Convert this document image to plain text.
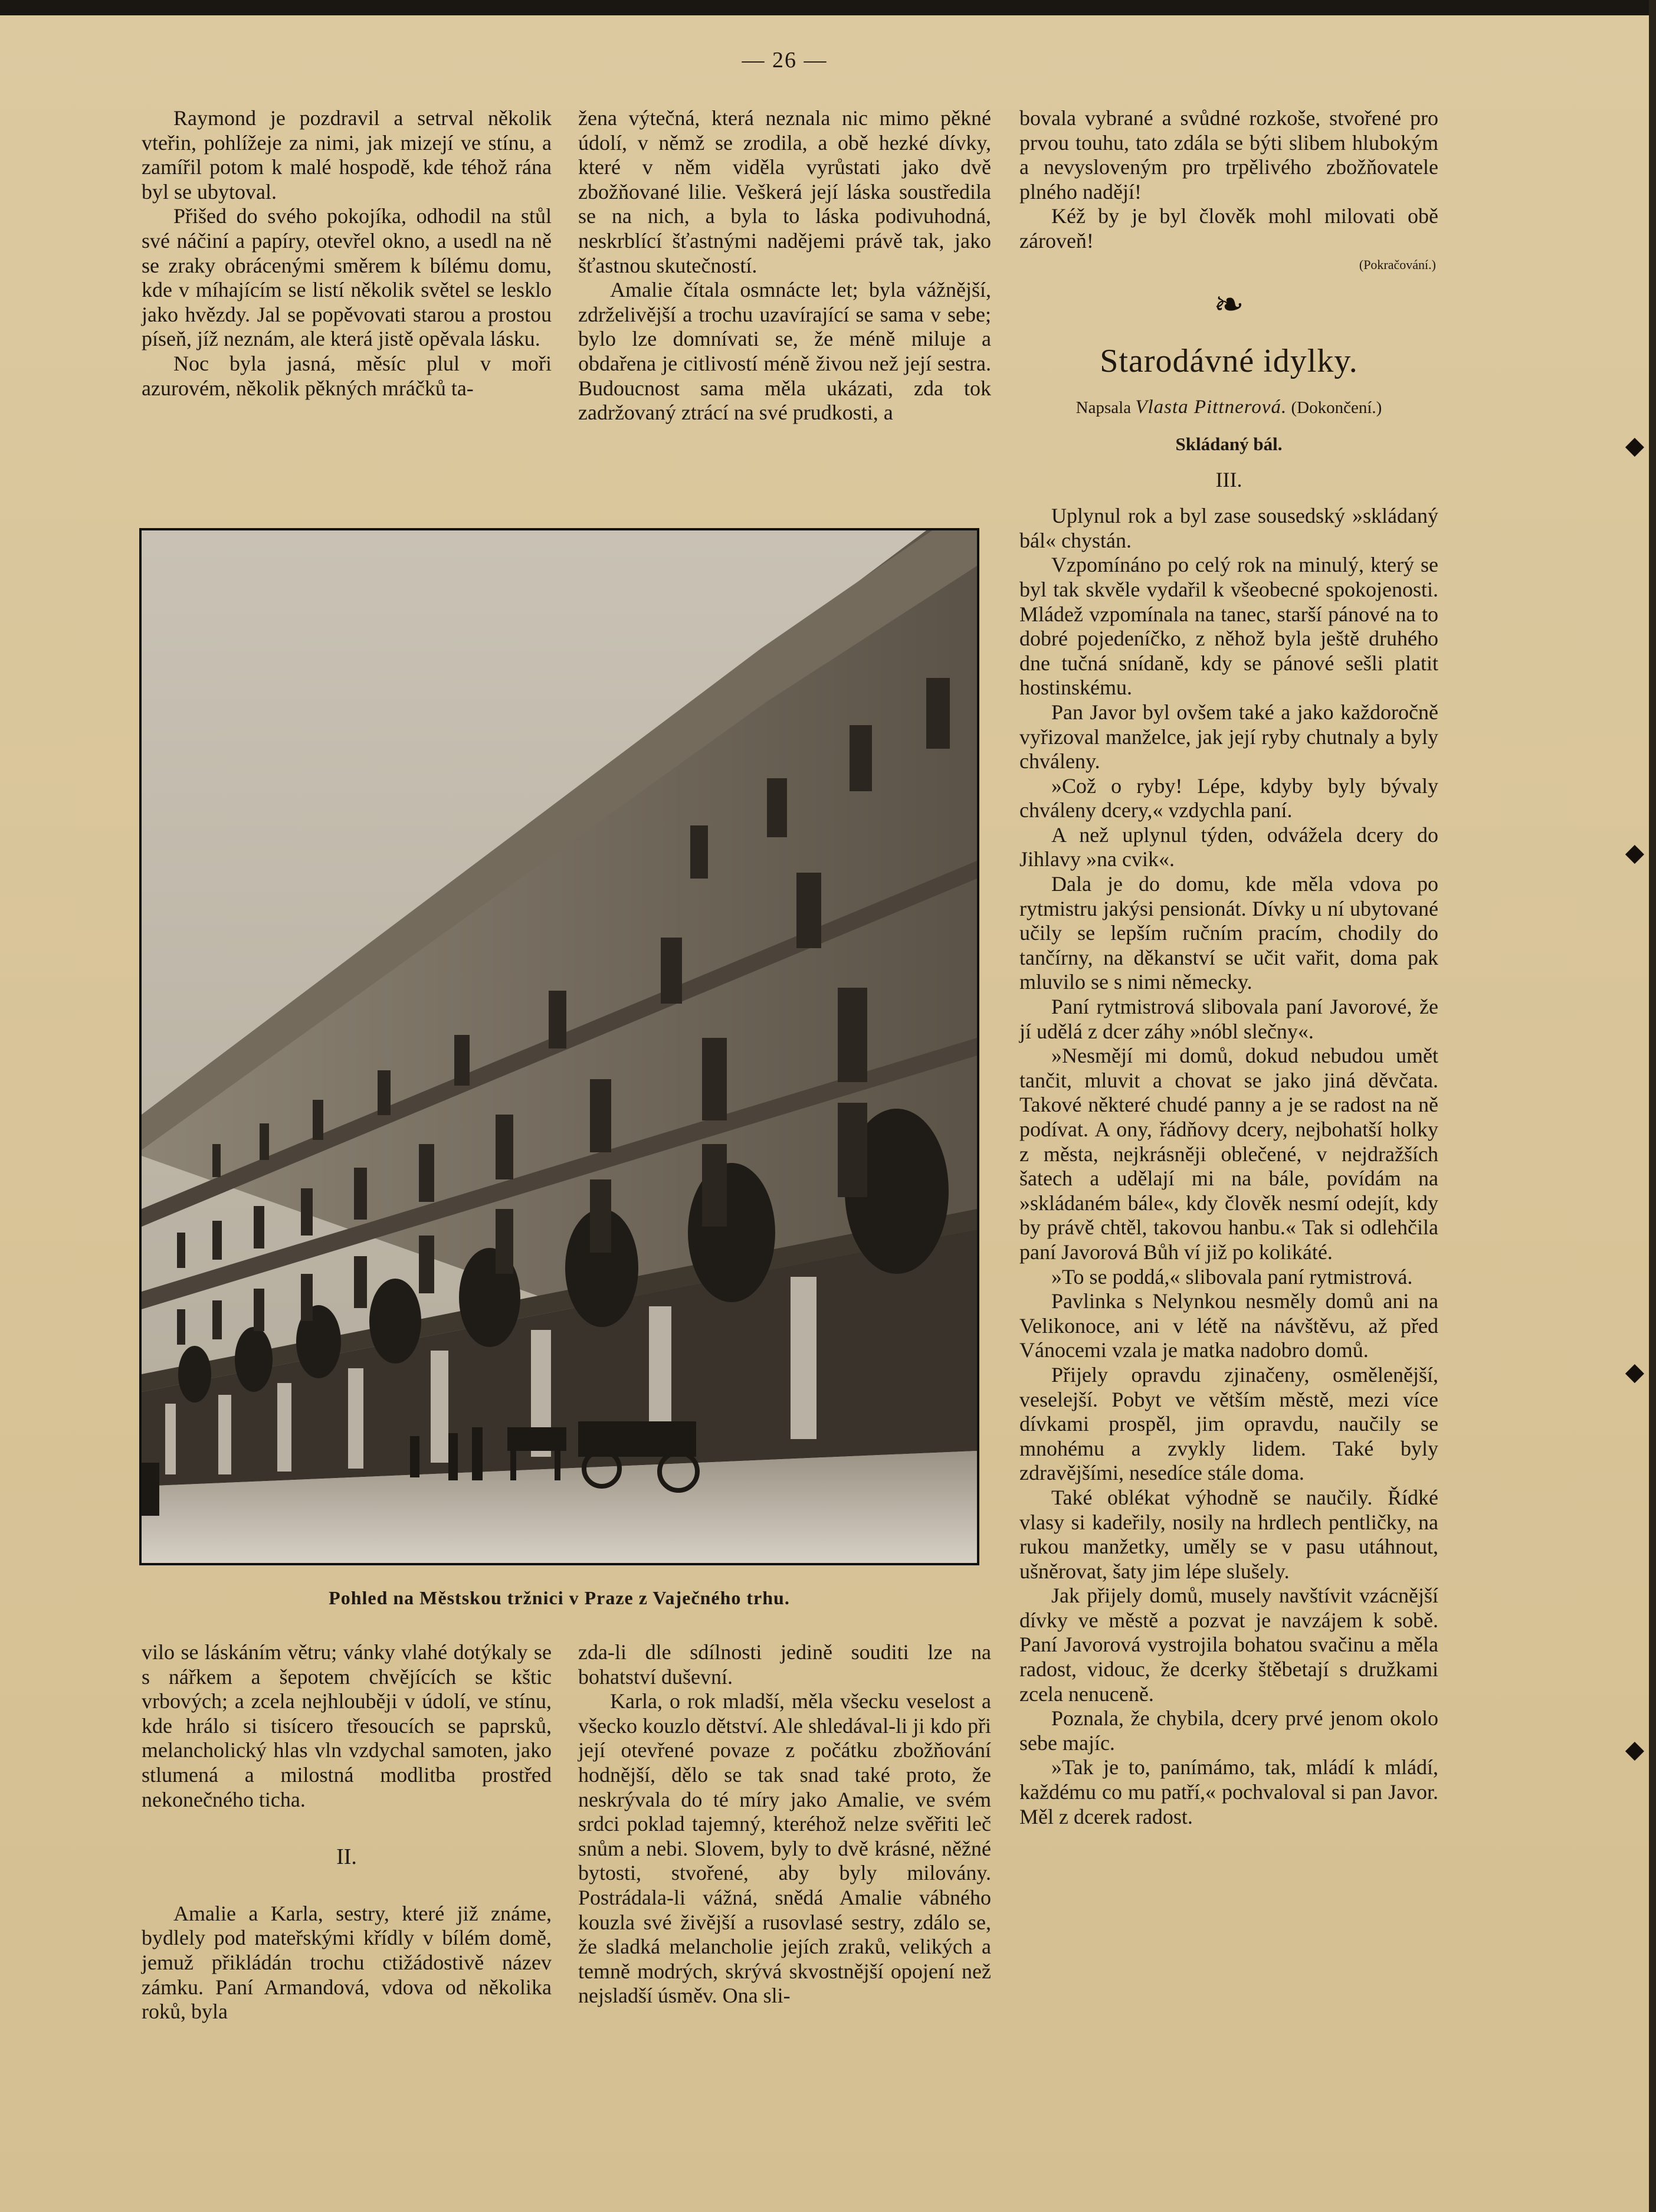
◆
◆
◆
◆
— 26 —

Raymond je pozdravil a setrval několik vteřin, pohlížeje za nimi, jak mizejí ve stínu, a zamířil potom k malé hospodě, kde téhož rána byl se ubytoval.

Přišed do svého pokojíka, odhodil na stůl své náčiní a papíry, otevřel okno, a usedl na ně se zraky obrácenými směrem k bílému domu, kde v míhajícím se listí několik světel se lesklo jako hvězdy. Jal se popěvovati starou a prostou píseň, jíž neznám, ale která jistě opěvala lásku.

Noc byla jasná, měsíc plul v moři azurovém, několik pěkných mráčků ta-

žena výtečná, která neznala nic mimo pěkné údolí, v němž se zrodila, a obě hezké dívky, které v něm viděla vyrůstati jako dvě zbožňované lilie. Veškerá její láska soustředila se na nich, a byla to láska podivuhodná, neskrblící šťastnými nadějemi právě tak, jako šťastnou skutečností.

Amalie čítala osmnácte let; byla vážnější, zdrželivější a trochu uzavírající se sama v sebe; bylo lze domnívati se, že méně miluje a obdařena je citlivostí méně živou než její sestra. Budoucnost sama měla ukázati, zda tok zadržovaný ztrácí na své prudkosti, a

bovala vybrané a svůdné rozkoše, stvořené pro prvou touhu, tato zdála se býti slibem hlubokým a nevysloveným pro trpělivého zbožňovatele plného nadějí!

Kéž by je byl člověk mohl milovati obě zároveň!

(Pokračování.)

❧

Starodávné idylky.

Napsala Vlasta Pittnerová. (Dokončení.)

Skládaný bál.

III.

Uplynul rok a byl zase sousedský »skládaný bál« chystán.

Vzpomínáno po celý rok na minulý, který se byl tak skvěle vydařil k všeobecné spokojenosti. Mládež vzpomínala na tanec, starší pánové na to dobré pojedeníčko, z něhož byla ještě druhého dne tučná snídaně, kdy se pánové sešli platit hostinskému.

Pan Javor byl ovšem také a jako každoročně vyřizoval manželce, jak její ryby chutnaly a byly chváleny.

»Což o ryby! Lépe, kdyby byly bývaly chváleny dcery,« vzdychla paní.

A než uplynul týden, odvážela dcery do Jihlavy »na cvik«.

Dala je do domu, kde měla vdova po rytmistru jakýsi pensionát. Dívky u ní ubytované učily se lepším ručním pracím, chodily do tančírny, na děkanství se učit vařit, doma pak mluvilo se s nimi německy.

Paní rytmistrová slibovala paní Javorové, že jí udělá z dcer záhy »nóbl slečny«.

»Nesmějí mi domů, dokud nebudou umět tančit, mluvit a chovat se jako jiná děvčata. Takové některé chudé panny a je se radost na ně podívat. A ony, řádňovy dcery, nejbohatší holky z města, nejkrásněji oblečené, v nejdražších šatech a udělají mi na bále, povídám na »skládaném bále«, kdy člověk nesmí odejít, kdy by právě chtěl, takovou hanbu.« Tak si odlehčila paní Javorová Bůh ví již po kolikáté.

»To se poddá,« slibovala paní rytmistrová.

Pavlinka s Nelynkou nesměly domů ani na Velikonoce, ani v létě na návštěvu, až před Vánocemi vzala je matka nadobro domů.

Přijely opravdu zjinačeny, osmělenější, veselejší. Pobyt ve větším městě, mezi více dívkami prospěl, jim opravdu, naučily se mnohému a zvykly lidem. Také byly zdravějšími, nesedíce stále doma.

Také oblékat výhodně se naučily. Řídké vlasy si kadeřily, nosily na hrdlech pentličky, na rukou manžetky, uměly se v pasu utáhnout, ušněrovat, šaty jim lépe slušely.

Jak přijely domů, musely navštívit vzácnější dívky ve městě a pozvat je navzájem k sobě. Paní Javorová vystrojila bohatou svačinu a měla radost, vidouc, že dcerky štěbetají s družkami zcela nenuceně.

Poznala, že chybila, dcery prvé jenom okolo sebe majíc.

»Tak je to, panímámo, tak, mládí k mládí, každému co mu patří,« pochvaloval si pan Javor. Měl z dcerek radost.

Pohled na Městskou tržnici v Praze z Vaječného trhu.

vilo se láskáním větru; vánky vlahé dotýkaly se s nářkem a šepotem chvějících se kštic vrbových; a zcela nejhlouběji v údolí, ve stínu, kde hrálo si tisícero třesoucích se paprsků, melancholický hlas vln vzdychal samoten, jako stlumená a milostná modlitba prostřed nekonečného ticha.

II.

Amalie a Karla, sestry, které již známe, bydlely pod mateřskými křídly v bílém domě, jemuž přikládán trochu ctižádostivě název zámku. Paní Armandová, vdova od několika roků, byla

zda-li dle sdílnosti jedině souditi lze na bohatství duševní.

Karla, o rok mladší, měla všecku veselost a všecko kouzlo dětství. Ale shledával-li ji kdo při její otevřené povaze z počátku zbožňování hodnější, dělo se tak snad také proto, že neskrývala do té míry jako Amalie, ve svém srdci poklad tajemný, kteréhož nelze svěřiti leč snům a nebi. Slovem, byly to dvě krásné, něžné bytosti, stvořené, aby byly milovány. Postrádala-li vážná, snědá Amalie vábného kouzla své živější a rusovlasé sestry, zdálo se, že sladká melancholie jejích zraků, velikých a temně modrých, skrývá skvostnější opojení než nejsladší úsměv. Ona sli-
